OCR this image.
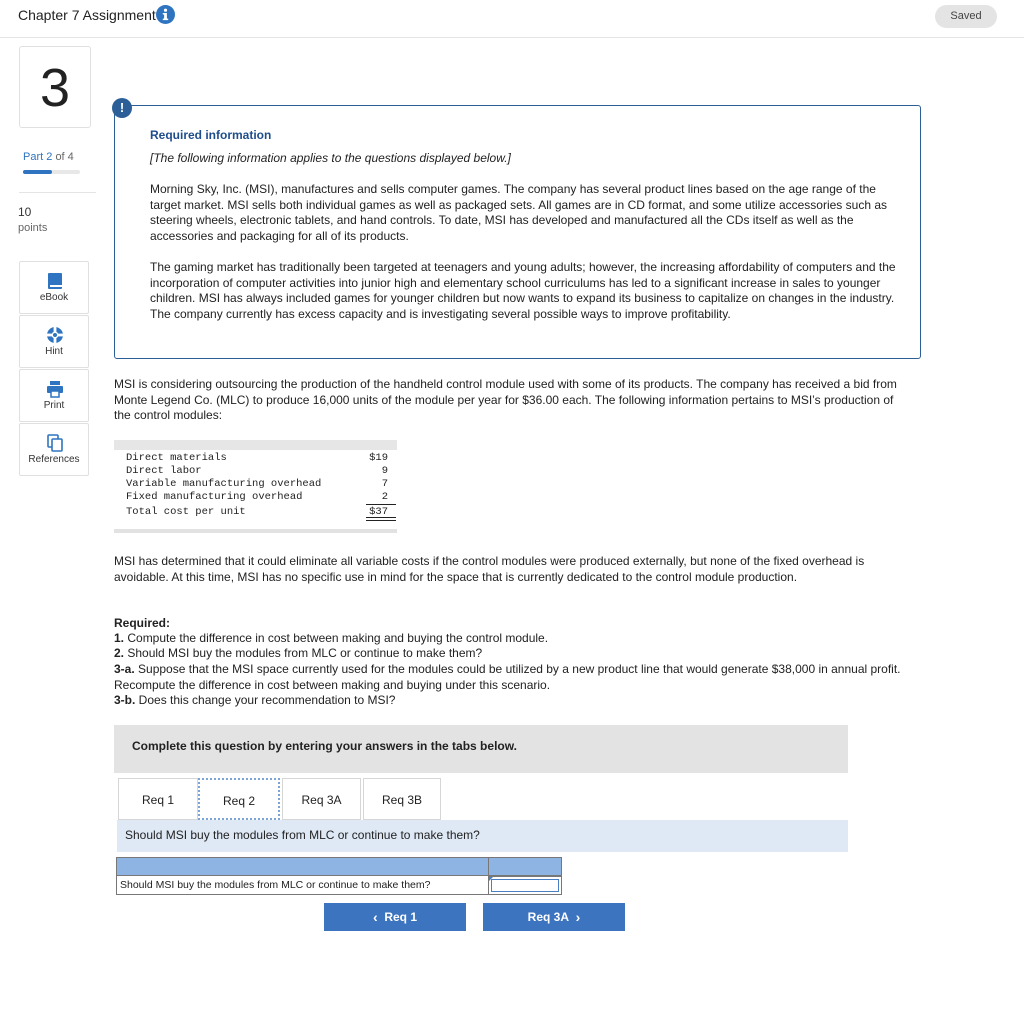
Chapter 7 Assignment	Saved
3
Part 2 of 4
10
points
eBook
Hint
Print
References
!
Required information
[The following information applies to the questions displayed below.]
Morning Sky, Inc. (MSI), manufactures and sells computer games. The company has several product lines based on the age range of the target market. MSI sells both individual games as well as packaged sets. All games are in CD format, and some utilize accessories such as steering wheels, electronic tablets, and hand controls. To date, MSI has developed and manufactured all the CDs itself as well as the accessories and packaging for all of its products.
The gaming market has traditionally been targeted at teenagers and young adults; however, the increasing affordability of computers and the incorporation of computer activities into junior high and elementary school curriculums has led to a significant increase in sales to younger children. MSI has always included games for younger children but now wants to expand its business to capitalize on changes in the industry. The company currently has excess capacity and is investigating several possible ways to improve profitability.
MSI is considering outsourcing the production of the handheld control module used with some of its products. The company has received a bid from Monte Legend Co. (MLC) to produce 16,000 units of the module per year for $36.00 each. The following information pertains to MSI’s production of the control modules:
Direct materials	$19
Direct labor	9
Variable manufacturing overhead	7
Fixed manufacturing overhead	2
Total cost per unit	$37
MSI has determined that it could eliminate all variable costs if the control modules were produced externally, but none of the fixed overhead is avoidable. At this time, MSI has no specific use in mind for the space that is currently dedicated to the control module production.
Required:
1. Compute the difference in cost between making and buying the control module.
2. Should MSI buy the modules from MLC or continue to make them?
3-a. Suppose that the MSI space currently used for the modules could be utilized by a new product line that would generate $38,000 in annual profit. Recompute the difference in cost between making and buying under this scenario.
3-b. Does this change your recommendation to MSI?
Complete this question by entering your answers in the tabs below.
Req 1	Req 2	Req 3A	Req 3B
Should MSI buy the modules from MLC or continue to make them?
Should MSI buy the modules from MLC or continue to make them?
‹ Req 1	Req 3A ›
